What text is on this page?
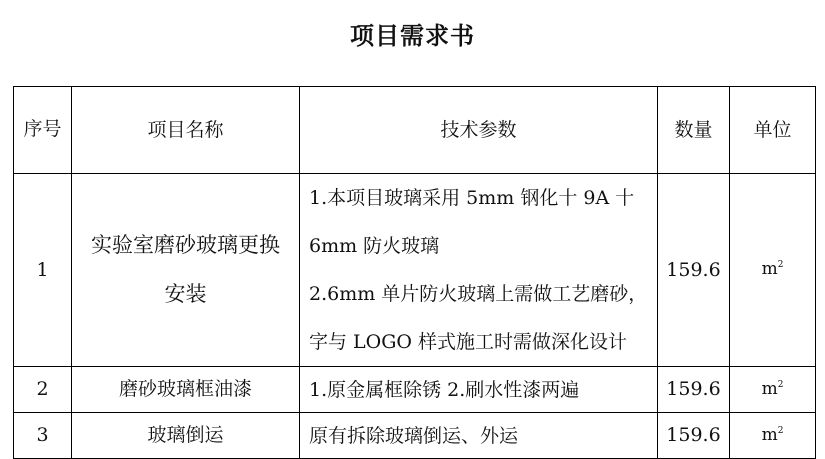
项目需求书
序号	项目名称	技术参数	数量	单位
1	实验室磨砂玻璃更换安装	1.本项目玻璃采用 5mm 钢化十 9A 十
6mm 防火玻璃
2.6mm 单片防火玻璃上需做工艺磨砂，
字与 LOGO 样式施工时需做深化设计	159.6	$m^2$
2	磨砂玻璃框油漆	1.原金属框除锈 2.刷水性漆两遍	159.6	$m^2$
3	玻璃倒运	原有拆除玻璃倒运、外运	159.6	$m^2$
